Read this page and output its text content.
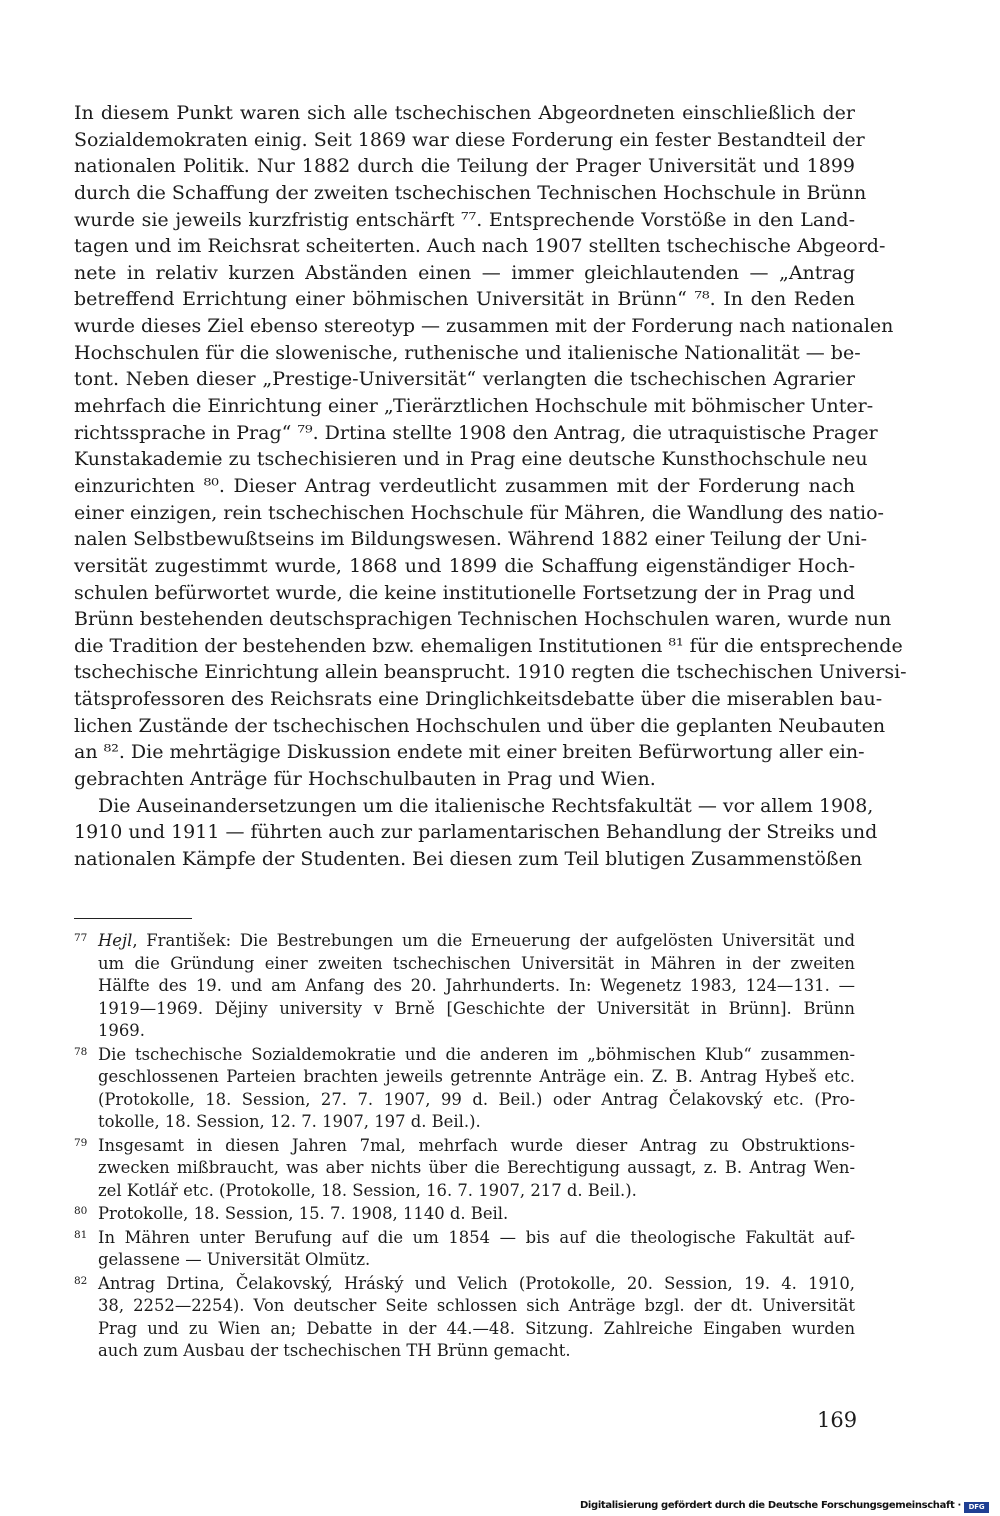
In diesem Punkt waren sich alle tschechischen Abgeordneten einschließlich der
Sozialdemokraten einig. Seit 1869 war diese Forderung ein fester Bestandteil der
nationalen Politik. Nur 1882 durch die Teilung der Prager Universität und 1899
durch die Schaffung der zweiten tschechischen Technischen Hochschule in Brünn
wurde sie jeweils kurzfristig entschärft ⁷⁷. Entsprechende Vorstöße in den Land-
tagen und im Reichsrat scheiterten. Auch nach 1907 stellten tschechische Abgeord-
nete in relativ kurzen Abständen einen — immer gleichlautenden — „Antrag
betreffend Errichtung einer böhmischen Universität in Brünn“ ⁷⁸. In den Reden
wurde dieses Ziel ebenso stereotyp — zusammen mit der Forderung nach nationalen
Hochschulen für die slowenische, ruthenische und italienische Nationalität — be-
tont. Neben dieser „Prestige-Universität“ verlangten die tschechischen Agrarier
mehrfach die Einrichtung einer „Tierärztlichen Hochschule mit böhmischer Unter-
richtssprache in Prag“ ⁷⁹. Drtina stellte 1908 den Antrag, die utraquistische Prager
Kunstakademie zu tschechisieren und in Prag eine deutsche Kunsthochschule neu
einzurichten ⁸⁰. Dieser Antrag verdeutlicht zusammen mit der Forderung nach
einer einzigen, rein tschechischen Hochschule für Mähren, die Wandlung des natio-
nalen Selbstbewußtseins im Bildungswesen. Während 1882 einer Teilung der Uni-
versität zugestimmt wurde, 1868 und 1899 die Schaffung eigenständiger Hoch-
schulen befürwortet wurde, die keine institutionelle Fortsetzung der in Prag und
Brünn bestehenden deutschsprachigen Technischen Hochschulen waren, wurde nun
die Tradition der bestehenden bzw. ehemaligen Institutionen ⁸¹ für die entsprechende
tschechische Einrichtung allein beansprucht. 1910 regten die tschechischen Universi-
tätsprofessoren des Reichsrats eine Dringlichkeitsdebatte über die miserablen bau-
lichen Zustände der tschechischen Hochschulen und über die geplanten Neubauten
an ⁸². Die mehrtägige Diskussion endete mit einer breiten Befürwortung aller ein-
gebrachten Anträge für Hochschulbauten in Prag und Wien.
Die Auseinandersetzungen um die italienische Rechtsfakultät — vor allem 1908,
1910 und 1911 — führten auch zur parlamentarischen Behandlung der Streiks und
nationalen Kämpfe der Studenten. Bei diesen zum Teil blutigen Zusammenstößen
77 Hejl, František: Die Bestrebungen um die Erneuerung der aufgelösten Universität und
um die Gründung einer zweiten tschechischen Universität in Mähren in der zweiten
Hälfte des 19. und am Anfang des 20. Jahrhunderts. In: Wegenetz 1983, 124—131. —
1919—1969. Dějiny university v Brně [Geschichte der Universität in Brünn]. Brünn
1969.
78 Die tschechische Sozialdemokratie und die anderen im „böhmischen Klub“ zusammen-
geschlossenen Parteien brachten jeweils getrennte Anträge ein. Z. B. Antrag Hybeš etc.
(Protokolle, 18. Session, 27. 7. 1907, 99 d. Beil.) oder Antrag Čelakovský etc. (Pro-
tokolle, 18. Session, 12. 7. 1907, 197 d. Beil.).
79 Insgesamt in diesen Jahren 7mal, mehrfach wurde dieser Antrag zu Obstruktions-
zwecken mißbraucht, was aber nichts über die Berechtigung aussagt, z. B. Antrag Wen-
zel Kotlář etc. (Protokolle, 18. Session, 16. 7. 1907, 217 d. Beil.).
80 Protokolle, 18. Session, 15. 7. 1908, 1140 d. Beil.
81 In Mähren unter Berufung auf die um 1854 — bis auf die theologische Fakultät auf-
gelassene — Universität Olmütz.
82 Antrag Drtina, Čelakovský, Hráský und Velich (Protokolle, 20. Session, 19. 4. 1910,
38, 2252—2254). Von deutscher Seite schlossen sich Anträge bzgl. der dt. Universität
Prag und zu Wien an; Debatte in der 44.—48. Sitzung. Zahlreiche Eingaben wurden
auch zum Ausbau der tschechischen TH Brünn gemacht.
169
Digitalisierung gefördert durch die Deutsche Forschungsgemeinschaft ·	DFG
